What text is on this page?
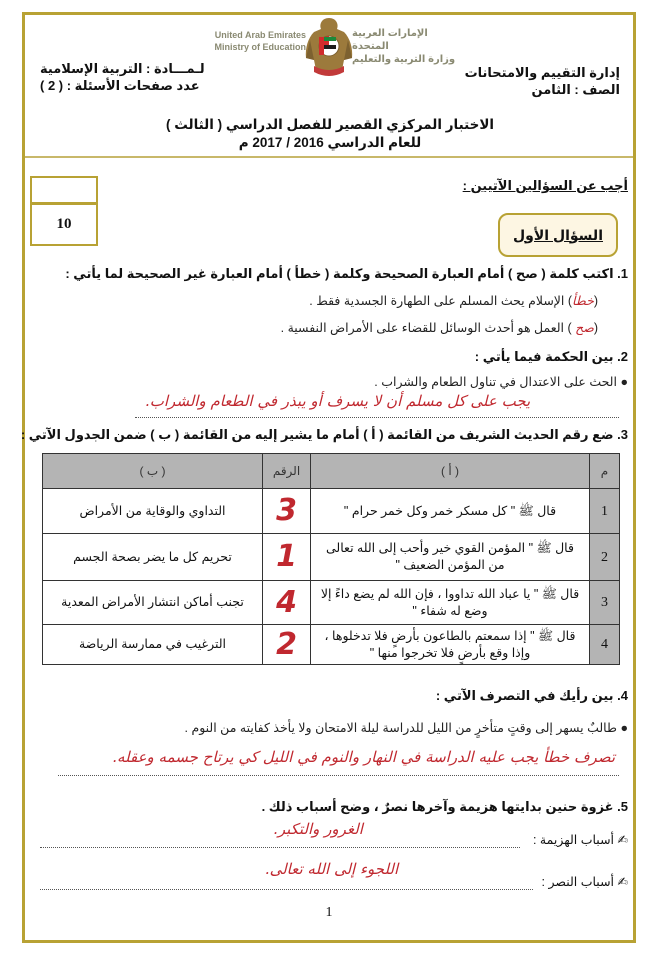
United Arab Emirates
Ministry of Education
الإمارات العربية المتحدة
وزارة التربية والتعليم
لـمـــادة : التربية الإسلامية
عدد صفحات الأسئلة : ( 2 )
إدارة التقييم والامتحانات
الصف : الثامن
الاختبار المركزي القصير للفصل الدراسي ( الثالث )
للعام الدراسي 2016 / 2017 م
10
أجب عن السؤالين الآتيين :
السؤال الأول
1. اكتب كلمة ( صح ) أمام العبارة الصحيحة وكلمة ( خطأ ) أمام العبارة غير الصحيحة لما يأتي :
(خطأ) الإسلام يحث المسلم على الطهارة الجسدية فقط .
(صح ) العمل هو أحدث الوسائل للقضاء على الأمراض النفسية .
2. بين الحكمة فيما يأتي :
● الحث على الاعتدال في تناول الطعام والشراب .
يجب على كل مسلم أن لا يسرف أو يبذر في الطعام والشراب.
3. ضع رقم الحديث الشريف من القائمة ( أ ) أمام ما يشير إليه من القائمة ( ب ) ضمن الجدول الآتي :
م	( أ )	الرقم	( ب )
1	قال ﷺ " كل مسكر خمر وكل خمر حرام "	3	التداوي والوقاية من الأمراض
2	قال ﷺ " المؤمن القوي خير وأحب إلى الله تعالى من المؤمن الضعيف "	1	تحريم كل ما يضر بصحة الجسم
3	قال ﷺ " يا عباد الله تداووا ، فإن الله لم يضع داءً إلا وضع له شفاء "	4	تجنب أماكن انتشار الأمراض المعدية
4	قال ﷺ " إذا سمعتم بالطاعون بأرضٍ فلا تدخلوها ، وإذا وقع بأرضٍ فلا تخرجوا منها "	2	الترغيب في ممارسة الرياضة
4. بين رأيك في التصرف الآتي :
● طالبٌ يسهر إلى وقتٍ متأخرٍ من الليل للدراسة ليلة الامتحان ولا يأخذ كفايته من النوم .
تصرف خطأ يجب عليه الدراسة في النهار والنوم في الليل كي يرتاح جسمه وعقله.
5. غزوة حنين بدايتها هزيمة وآخرها نصرٌ ، وضح أسباب ذلك .
✍ أسباب الهزيمة :
الغرور والتكبر.
✍ أسباب النصر :
اللجوء إلى الله تعالى.
1
